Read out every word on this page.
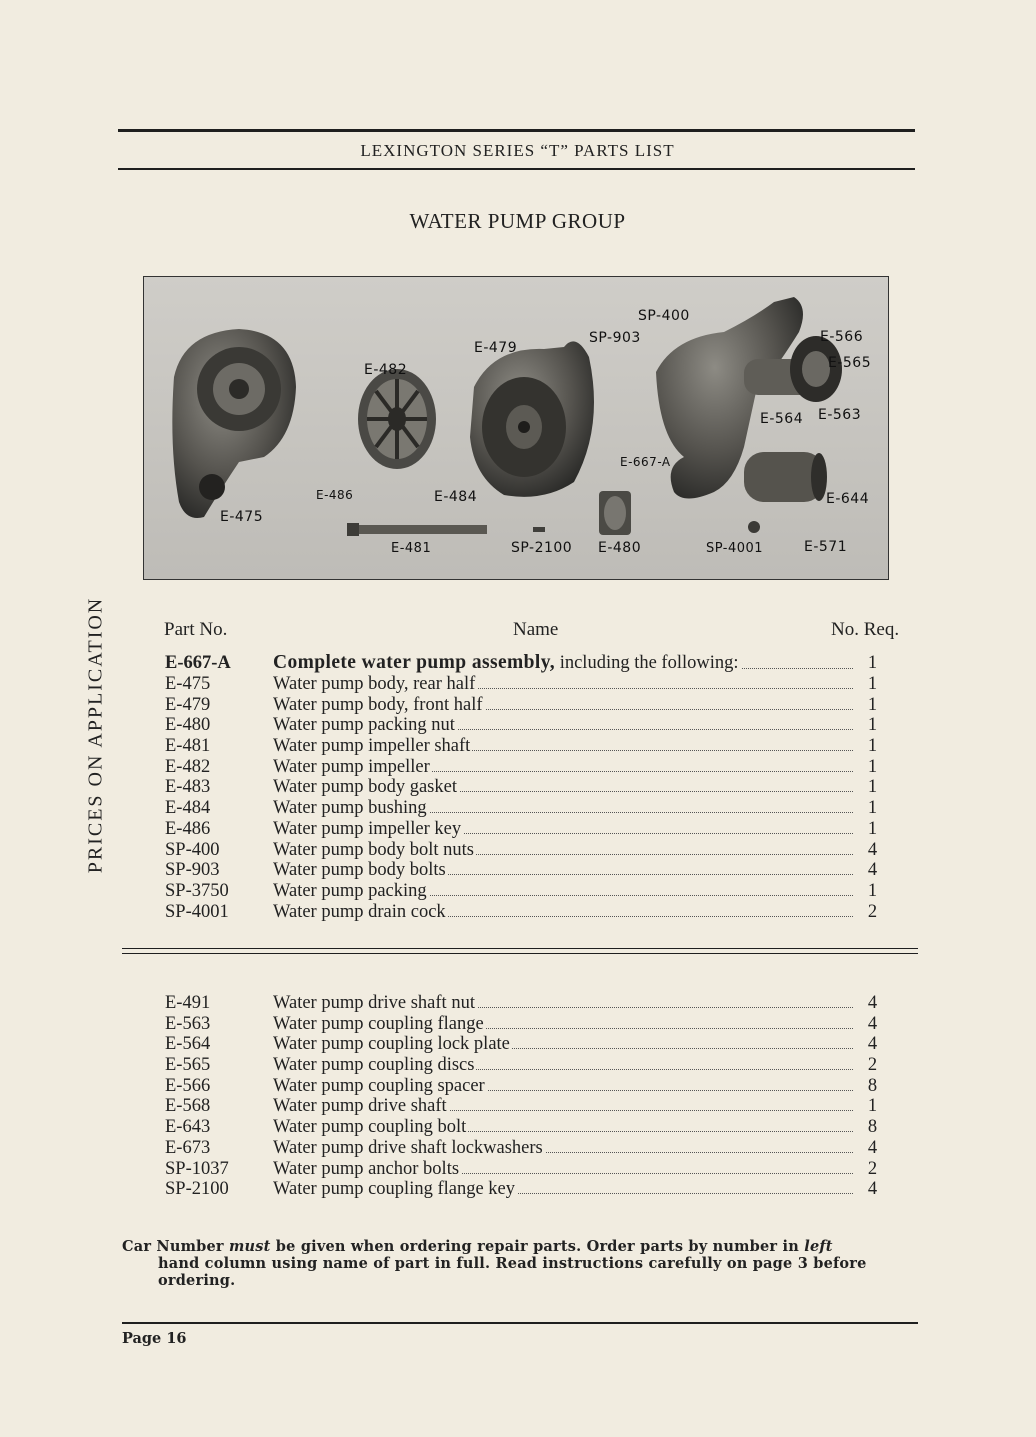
LEXINGTON SERIES “T” PARTS LIST
WATER PUMP GROUP
SP-400
SP-903
E-479
E-482
E-566
E-565
E-564 E-563
E-667-A
E-486	E-484
E-475
E-644
E-481	SP-2100 E-480	SP-4001	E-571
PRICES ON APPLICATION	Part No.	Name	No. Req.
E-667-A	Complete water pump assembly, including the following:	1
E-475	Water pump body, rear half	1
E-479	Water pump body, front half	1
E-480	Water pump packing nut	1
E-481	Water pump impeller shaft	1
E-482	Water pump impeller	1
E-483	Water pump body gasket	1
E-484	Water pump bushing	1
E-486	Water pump impeller key	1
SP-400	Water pump body bolt nuts	4
SP-903	Water pump body bolts	4
SP-3750	Water pump packing	1
SP-4001	Water pump drain cock	2
E-491	Water pump drive shaft nut	4
E-563	Water pump coupling flange	4
E-564	Water pump coupling lock plate	4
E-565	Water pump coupling discs	2
E-566	Water pump coupling spacer	8
E-568	Water pump drive shaft	1
E-643	Water pump coupling bolt	8
E-673	Water pump drive shaft lockwashers	4
SP-1037	Water pump anchor bolts	2
SP-2100	Water pump coupling flange key	4
Car Number must be given when ordering repair parts. Order parts by number in left
hand column using name of part in full. Read instructions carefully on page 3 before
ordering.
Page 16
